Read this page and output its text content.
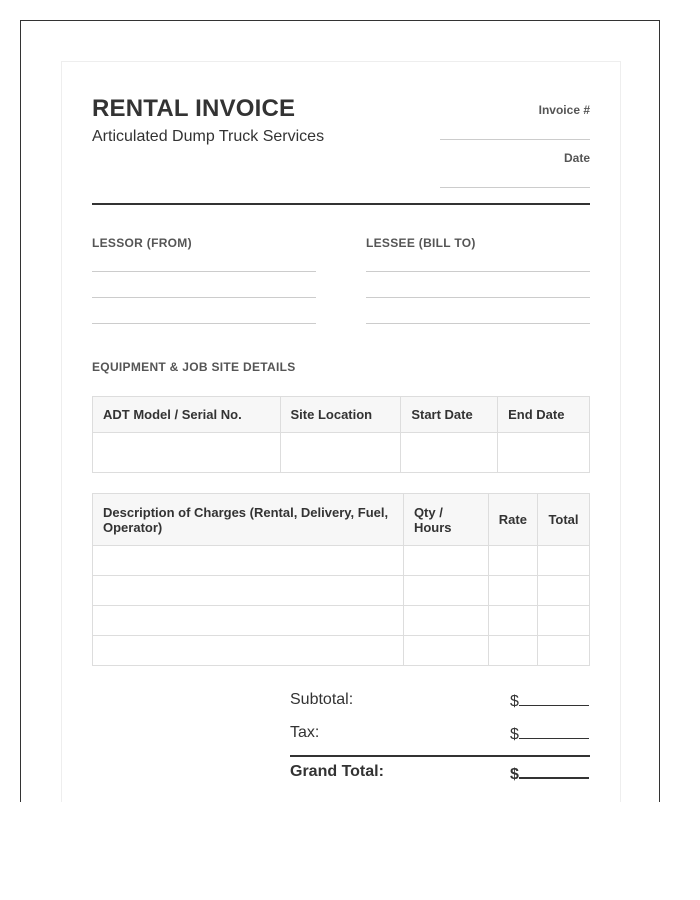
RENTAL INVOICE
Articulated Dump Truck Services
Invoice #
Date
LESSOR (FROM)	LESSEE (BILL TO)
EQUIPMENT & JOB SITE DETAILS
ADT Model / Serial No.	Site Location	Start Date	End Date

Description of Charges (Rental, Delivery, Fuel, Operator)	Qty / Hours	Rate	Total

Subtotal:	$
Tax:	$
Grand Total:	$
